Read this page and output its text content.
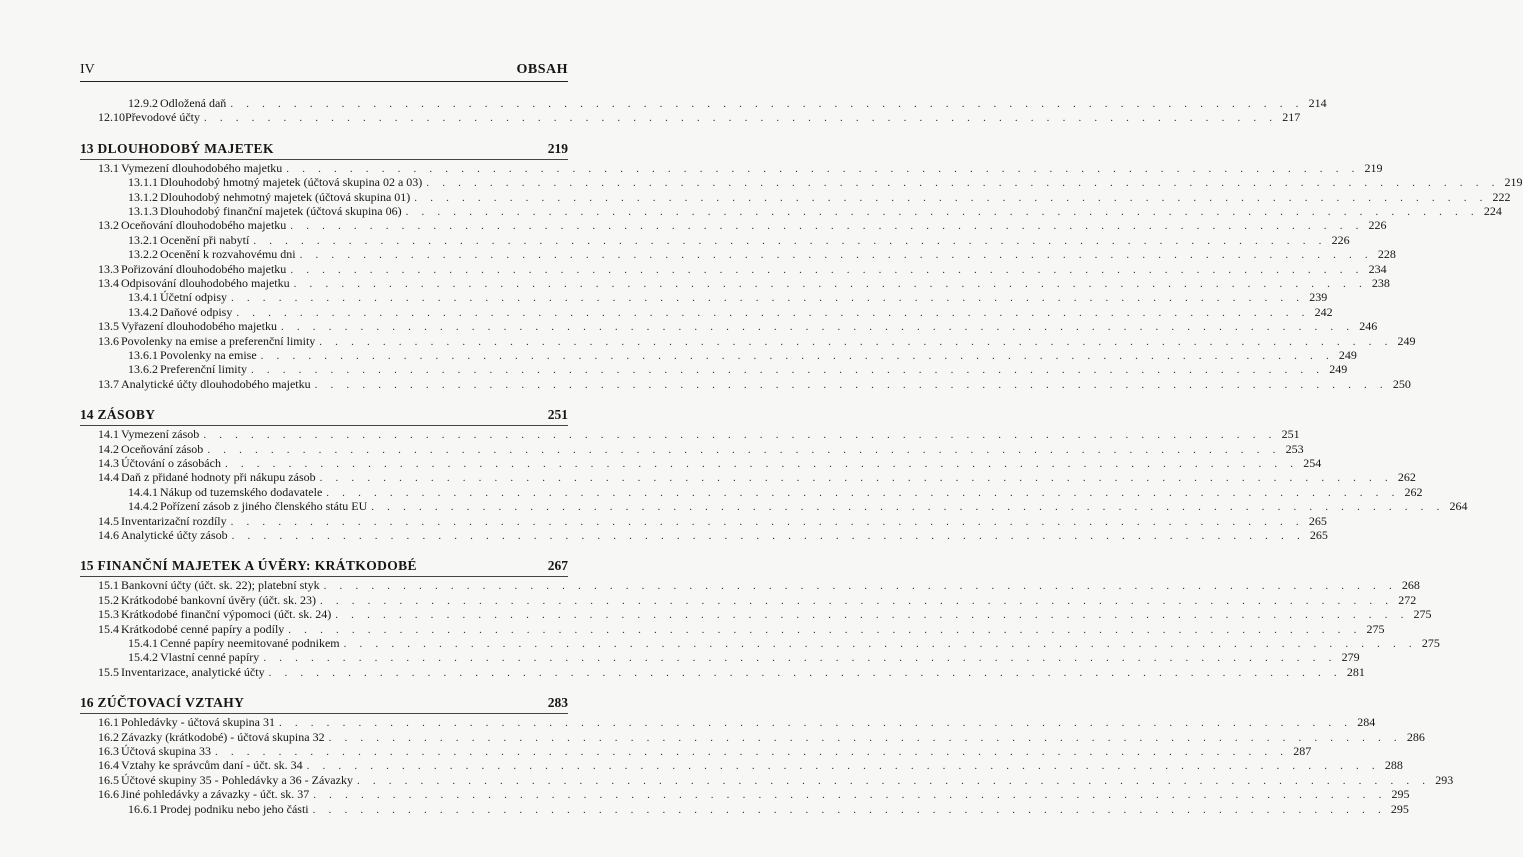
IV	OBSAH
12.9.2 Odložená daň . . . . . . . . . . . . . . . . . . . . . . . . . . . . . . . . . . . . . . . . . . . . . . . . . . . . . . . . . . . . . . . . . . . . 214
12.10 Převodové účty . . . . . . . . . . . . . . . . . . . . . . . . . . . . . . . . . . . . . . . . . . . . . . . . . . . . . . . . . . . . . . . . . . . . 217
13 DLOUHODOBÝ MAJETEK	219
13.1 Vymezení dlouhodobého majetku . . . . . . . . . . . . . . . . . . . . . . . . . . . . . . . . . . . . . . . . . . . . . . . . . . . . . . . . . . . . . . . . . . . . 219
13.1.1 Dlouhodobý hmotný majetek (účtová skupina 02 a 03) . . . . . . . . . . . . . . . . . . . . . . . . . . . . . . . . . . . . . . . . . . . . . . . . . . . . . . . . . . . . . . . . . . . . 219
13.1.2 Dlouhodobý nehmotný majetek (účtová skupina 01) . . . . . . . . . . . . . . . . . . . . . . . . . . . . . . . . . . . . . . . . . . . . . . . . . . . . . . . . . . . . . . . . . . . . 222
13.1.3 Dlouhodobý finanční majetek (účtová skupina 06) . . . . . . . . . . . . . . . . . . . . . . . . . . . . . . . . . . . . . . . . . . . . . . . . . . . . . . . . . . . . . . . . . . . . 224
13.2 Oceňování dlouhodobého majetku . . . . . . . . . . . . . . . . . . . . . . . . . . . . . . . . . . . . . . . . . . . . . . . . . . . . . . . . . . . . . . . . . . . . 226
13.2.1 Ocenění při nabytí . . . . . . . . . . . . . . . . . . . . . . . . . . . . . . . . . . . . . . . . . . . . . . . . . . . . . . . . . . . . . . . . . . . . 226
13.2.2 Ocenění k rozvahovému dni . . . . . . . . . . . . . . . . . . . . . . . . . . . . . . . . . . . . . . . . . . . . . . . . . . . . . . . . . . . . . . . . . . . . 228
13.3 Pořizování dlouhodobého majetku . . . . . . . . . . . . . . . . . . . . . . . . . . . . . . . . . . . . . . . . . . . . . . . . . . . . . . . . . . . . . . . . . . . . 234
13.4 Odpisování dlouhodobého majetku . . . . . . . . . . . . . . . . . . . . . . . . . . . . . . . . . . . . . . . . . . . . . . . . . . . . . . . . . . . . . . . . . . . . 238
13.4.1 Účetní odpisy . . . . . . . . . . . . . . . . . . . . . . . . . . . . . . . . . . . . . . . . . . . . . . . . . . . . . . . . . . . . . . . . . . . . 239
13.4.2 Daňové odpisy . . . . . . . . . . . . . . . . . . . . . . . . . . . . . . . . . . . . . . . . . . . . . . . . . . . . . . . . . . . . . . . . . . . . 242
13.5 Vyřazení dlouhodobého majetku . . . . . . . . . . . . . . . . . . . . . . . . . . . . . . . . . . . . . . . . . . . . . . . . . . . . . . . . . . . . . . . . . . . . 246
13.6 Povolenky na emise a preferenční limity . . . . . . . . . . . . . . . . . . . . . . . . . . . . . . . . . . . . . . . . . . . . . . . . . . . . . . . . . . . . . . . . . . . . 249
13.6.1 Povolenky na emise . . . . . . . . . . . . . . . . . . . . . . . . . . . . . . . . . . . . . . . . . . . . . . . . . . . . . . . . . . . . . . . . . . . . 249
13.6.2 Preferenční limity . . . . . . . . . . . . . . . . . . . . . . . . . . . . . . . . . . . . . . . . . . . . . . . . . . . . . . . . . . . . . . . . . . . . 249
13.7 Analytické účty dlouhodobého majetku . . . . . . . . . . . . . . . . . . . . . . . . . . . . . . . . . . . . . . . . . . . . . . . . . . . . . . . . . . . . . . . . . . . . 250
14 ZÁSOBY	251
14.1 Vymezení zásob . . . . . . . . . . . . . . . . . . . . . . . . . . . . . . . . . . . . . . . . . . . . . . . . . . . . . . . . . . . . . . . . . . . . 251
14.2 Oceňování zásob . . . . . . . . . . . . . . . . . . . . . . . . . . . . . . . . . . . . . . . . . . . . . . . . . . . . . . . . . . . . . . . . . . . . 253
14.3 Účtování o zásobách . . . . . . . . . . . . . . . . . . . . . . . . . . . . . . . . . . . . . . . . . . . . . . . . . . . . . . . . . . . . . . . . . . . . 254
14.4 Daň z přidané hodnoty při nákupu zásob . . . . . . . . . . . . . . . . . . . . . . . . . . . . . . . . . . . . . . . . . . . . . . . . . . . . . . . . . . . . . . . . . . . . 262
14.4.1 Nákup od tuzemského dodavatele . . . . . . . . . . . . . . . . . . . . . . . . . . . . . . . . . . . . . . . . . . . . . . . . . . . . . . . . . . . . . . . . . . . . 262
14.4.2 Pořízení zásob z jiného členského státu EU . . . . . . . . . . . . . . . . . . . . . . . . . . . . . . . . . . . . . . . . . . . . . . . . . . . . . . . . . . . . . . . . . . . . 264
14.5 Inventarizační rozdíly . . . . . . . . . . . . . . . . . . . . . . . . . . . . . . . . . . . . . . . . . . . . . . . . . . . . . . . . . . . . . . . . . . . . 265
14.6 Analytické účty zásob . . . . . . . . . . . . . . . . . . . . . . . . . . . . . . . . . . . . . . . . . . . . . . . . . . . . . . . . . . . . . . . . . . . . 265
15 FINANČNÍ MAJETEK A ÚVĚRY: KRÁTKODOBÉ	267
15.1 Bankovní účty (účt. sk. 22); platební styk . . . . . . . . . . . . . . . . . . . . . . . . . . . . . . . . . . . . . . . . . . . . . . . . . . . . . . . . . . . . . . . . . . . . 268
15.2 Krátkodobé bankovní úvěry (účt. sk. 23) . . . . . . . . . . . . . . . . . . . . . . . . . . . . . . . . . . . . . . . . . . . . . . . . . . . . . . . . . . . . . . . . . . . . 272
15.3 Krátkodobé finanční výpomoci (účt. sk. 24) . . . . . . . . . . . . . . . . . . . . . . . . . . . . . . . . . . . . . . . . . . . . . . . . . . . . . . . . . . . . . . . . . . . . 275
15.4 Krátkodobé cenné papíry a podíly . . . . . . . . . . . . . . . . . . . . . . . . . . . . . . . . . . . . . . . . . . . . . . . . . . . . . . . . . . . . . . . . . . . . 275
15.4.1 Cenné papíry neemitované podnikem . . . . . . . . . . . . . . . . . . . . . . . . . . . . . . . . . . . . . . . . . . . . . . . . . . . . . . . . . . . . . . . . . . . . 275
15.4.2 Vlastní cenné papíry . . . . . . . . . . . . . . . . . . . . . . . . . . . . . . . . . . . . . . . . . . . . . . . . . . . . . . . . . . . . . . . . . . . . 279
15.5 Inventarizace, analytické účty . . . . . . . . . . . . . . . . . . . . . . . . . . . . . . . . . . . . . . . . . . . . . . . . . . . . . . . . . . . . . . . . . . . . 281
16 ZÚČTOVACÍ VZTAHY	283
16.1 Pohledávky - účtová skupina 31 . . . . . . . . . . . . . . . . . . . . . . . . . . . . . . . . . . . . . . . . . . . . . . . . . . . . . . . . . . . . . . . . . . . . 284
16.2 Závazky (krátkodobé) - účtová skupina 32 . . . . . . . . . . . . . . . . . . . . . . . . . . . . . . . . . . . . . . . . . . . . . . . . . . . . . . . . . . . . . . . . . . . . 286
16.3 Účtová skupina 33 . . . . . . . . . . . . . . . . . . . . . . . . . . . . . . . . . . . . . . . . . . . . . . . . . . . . . . . . . . . . . . . . . . . . 287
16.4 Vztahy ke správcům daní - účt. sk. 34 . . . . . . . . . . . . . . . . . . . . . . . . . . . . . . . . . . . . . . . . . . . . . . . . . . . . . . . . . . . . . . . . . . . . 288
16.5 Účtové skupiny 35 - Pohledávky a 36 - Závazky . . . . . . . . . . . . . . . . . . . . . . . . . . . . . . . . . . . . . . . . . . . . . . . . . . . . . . . . . . . . . . . . . . . . 293
16.6 Jiné pohledávky a závazky - účt. sk. 37 . . . . . . . . . . . . . . . . . . . . . . . . . . . . . . . . . . . . . . . . . . . . . . . . . . . . . . . . . . . . . . . . . . . . 295
16.6.1 Prodej podniku nebo jeho části . . . . . . . . . . . . . . . . . . . . . . . . . . . . . . . . . . . . . . . . . . . . . . . . . . . . . . . . . . . . . . . . . . . . 295
